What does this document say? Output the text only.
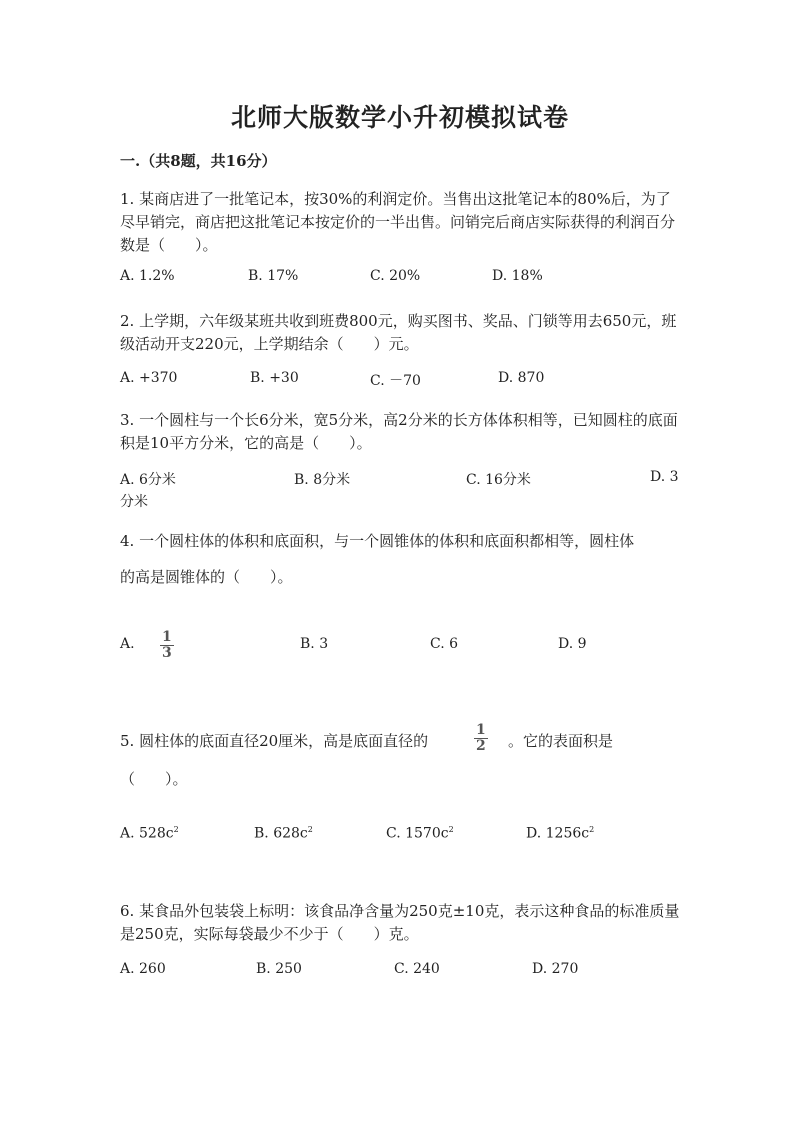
北师大版数学小升初模拟试卷
一.（共8题，共16分）

1. 某商店进了一批笔记本，按30%的利润定价。当售出这批笔记本的80%后，为了尽早销完，商店把这批笔记本按定价的一半出售。问销完后商店实际获得的利润百分数是（　　）。

A. 1.2%	B. 17%	C. 20%	D. 18%

2. 上学期，六年级某班共收到班费800元，购买图书、奖品、门锁等用去650元，班级活动开支220元，上学期结余（　　）元。

A. +370	B. +30	C. －70	D. 870

3. 一个圆柱与一个长6分米，宽5分米，高2分米的长方体体积相等，已知圆柱的底面积是10平方分米，它的高是（　　）。

A. 6分米	B. 8分米	C. 16分米	D. 3
分米

4. 一个圆柱体的体积和底面积，与一个圆锥体的体积和底面积都相等，圆柱体

的高是圆锥体的（　　）。

A. $\frac{1}{3}$	B. 3	C. 6	D. 9

5. 圆柱体的底面直径20厘米，高是底面直径的	$\frac{1}{2}$ 。它的表面积是

（　　）。

A. $528c^2$	B. $628c^2$	C. $1570c^2$	D. $1256c^2$

6. 某食品外包装袋上标明：该食品净含量为250克±10克，表示这种食品的标准质量是250克，实际每袋最少不少于（　　）克。

A. 260	B. 250	C. 240	D. 270
